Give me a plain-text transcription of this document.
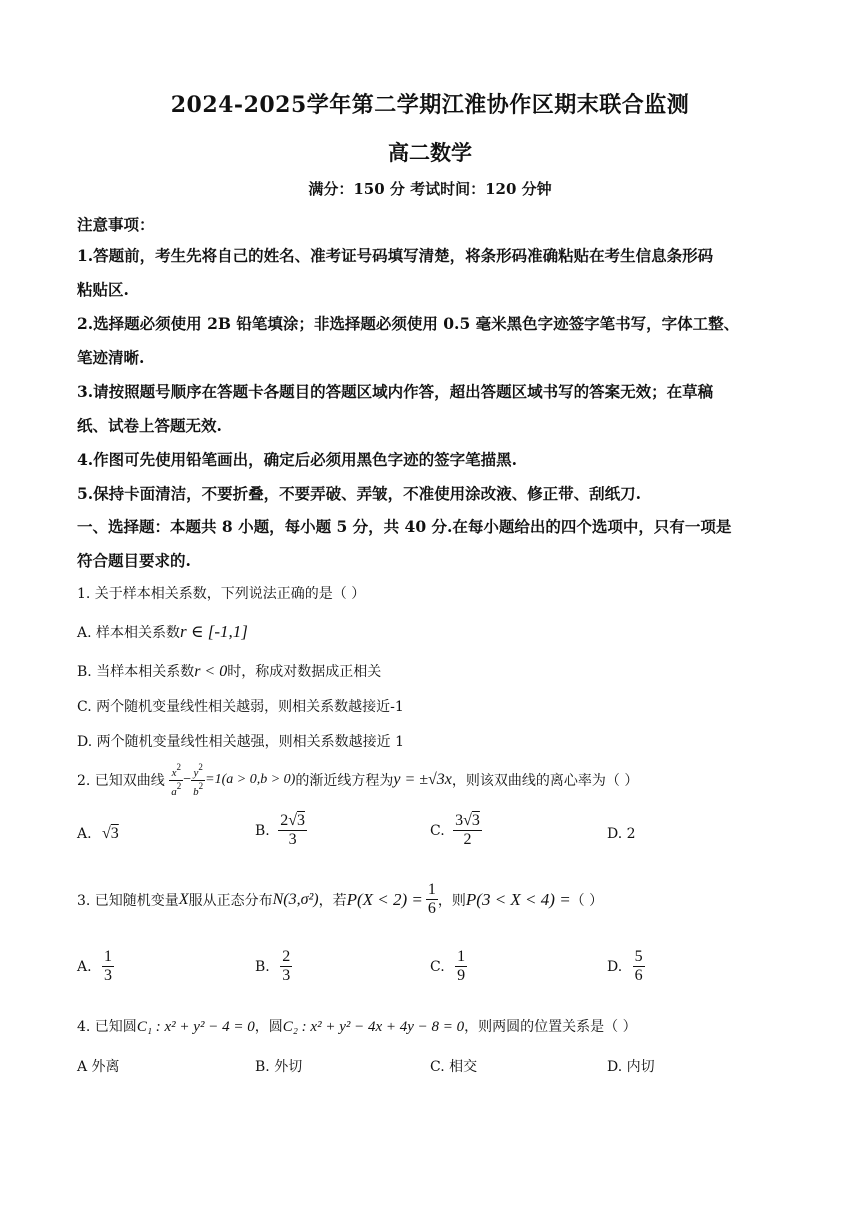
2024-2025学年第二学期江淮协作区期末联合监测
高二数学
满分：150 分 考试时间：120 分钟
注意事项：
1.答题前，考生先将自己的姓名、准考证号码填写清楚，将条形码准确粘贴在考生信息条形码
粘贴区.
2.选择题必须使用 2B 铅笔填涂；非选择题必须使用 0.5 毫米黑色字迹签字笔书写，字体工整、
笔迹清晰.
3.请按照题号顺序在答题卡各题目的答题区域内作答，超出答题区域书写的答案无效；在草稿
纸、试卷上答题无效.
4.作图可先使用铅笔画出，确定后必须用黑色字迹的签字笔描黑.
5.保持卡面清洁，不要折叠，不要弄破、弄皱，不准使用涂改液、修正带、刮纸刀.
一、选择题：本题共 8 小题，每小题 5 分，共 40 分.在每小题给出的四个选项中，只有一项是
符合题目要求的.
1. 关于样本相关系数，下列说法正确的是（ ）
A. 样本相关系数r ∈ [-1,1]
B. 当样本相关系数r < 0时，称成对数据成正相关
C. 两个随机变量线性相关越弱，则相关系数越接近-1
D. 两个随机变量线性相关越强，则相关系数越接近 1
2. 已知双曲线 $\frac{x^2}{a^2} - \frac{y^2}{b^2} =1(a > 0,b > 0)$的渐近线方程为y = ±√3x，则该双曲线的离心率为（ ）
A. √3	B. $\frac{2√3}{3}$	C. $\frac{3√3}{2}$	D. 2
3. 已知随机变量X服从正态分布N(3,σ²)，若$P(X < 2) = \frac{1}{6}$ ，则P(3 < X < 4) =（ ）
A. $\frac{1}{3}$	B. $\frac{2}{3}$	C. $\frac{1}{9}$	D. $\frac{5}{6}$
4. 已知圆C₁ : x² + y² − 4 = 0，圆C₂ : x² + y² − 4x + 4y − 8 = 0，则两圆的位置关系是（ ）
A 外离	B. 外切	C. 相交	D. 内切
